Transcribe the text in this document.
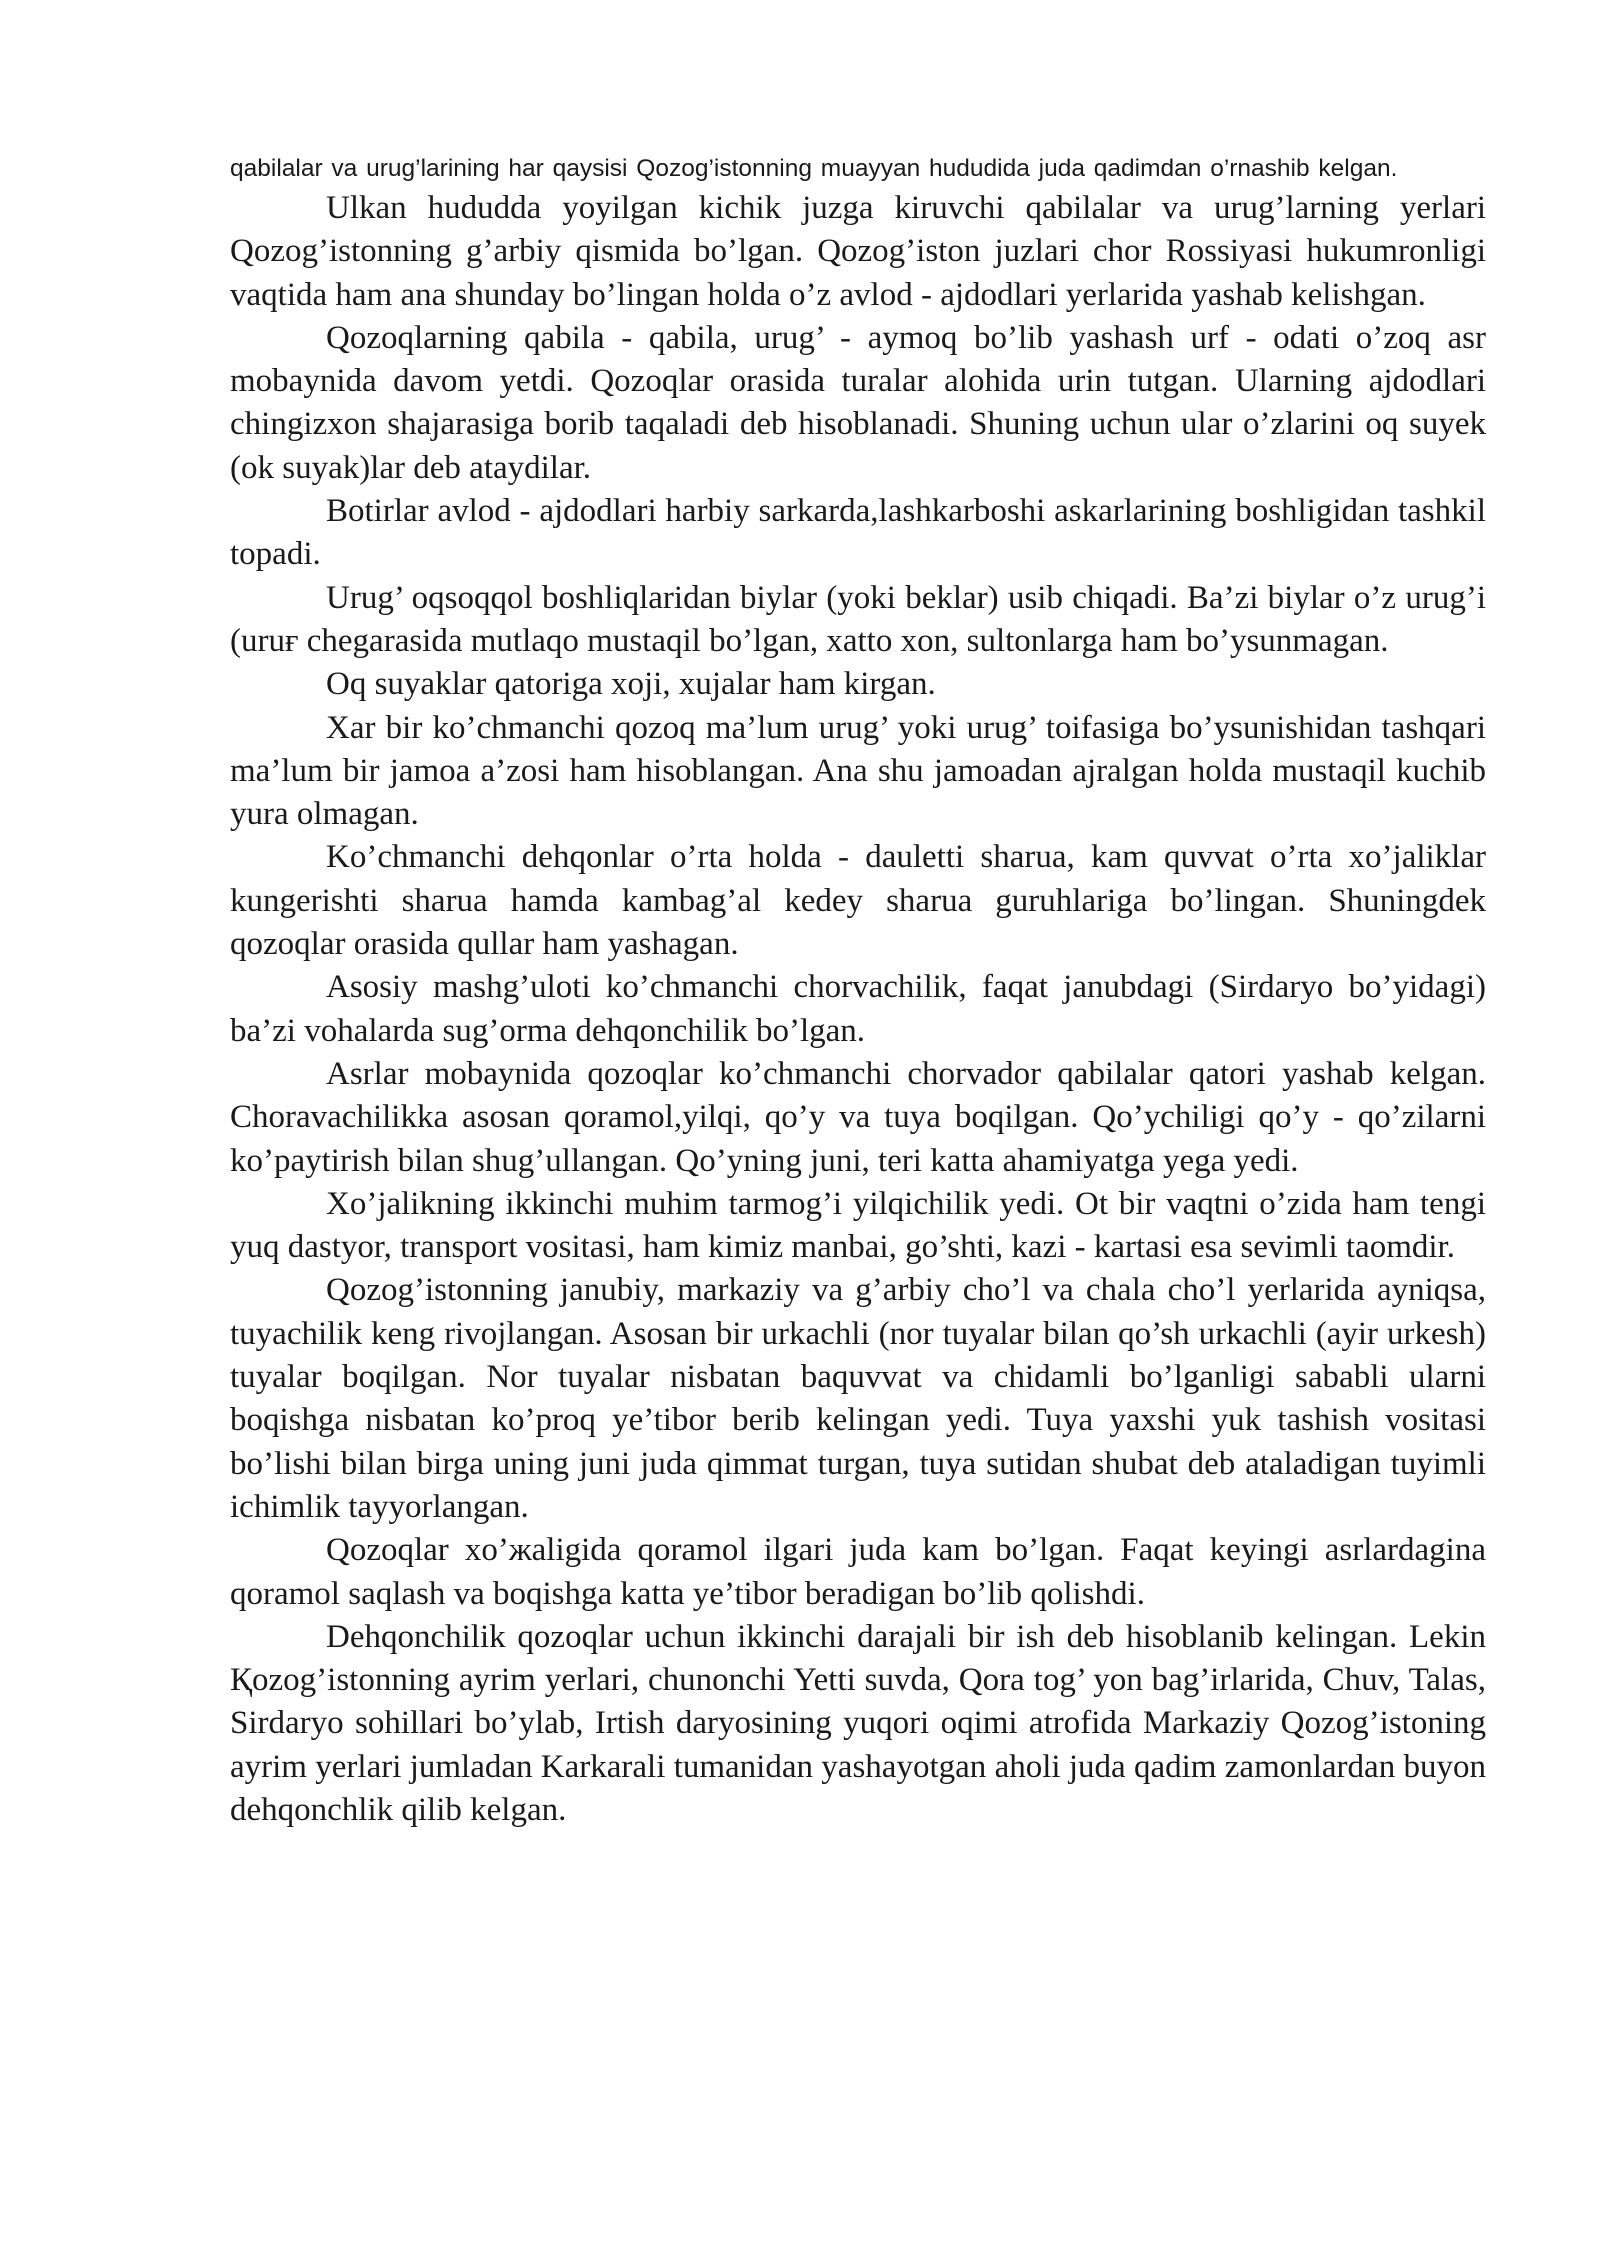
qabilalar va urug’larining har qaysisi Qozog’istonning muayyan hududida juda qadimdan o’rnashib kelgan.

Ulkan hududda yoyilgan kichik juzga kiruvchi qabilalar va urug’larning yerlari Qozog’istonning g’arbiy qismida bo’lgan. Qozog’iston juzlari chor Rossiyasi hukumronligi vaqtida ham ana shunday bo’lingan holda o’z avlod - ajdodlari yerlarida yashab kelishgan.

Qozoqlarning qabila - qabila, urug’ - aymoq bo’lib yashash urf - odati o’zoq asr mobaynida davom yetdi. Qozoqlar orasida turalar alohida urin tutgan. Ularning ajdodlari chingizxon shajarasiga borib taqaladi deb hisoblanadi. Shuning uchun ular o’zlarini oq suyek (ok suyak)lar deb ataydilar.

Botirlar avlod - ajdodlari harbiy sarkarda,lashkarboshi askarlarining boshligidan tashkil topadi.

Urug’ oqsoqqol boshliqlaridan biylar (yoki beklar) usib chiqadi. Ba’zi biylar o’z urug’i (uruғ chegarasida mutlaqo mustaqil bo’lgan, xatto xon, sultonlarga ham bo’ysunmagan.

Oq suyaklar qatoriga xoji, xujalar ham kirgan.

Xar bir ko’chmanchi qozoq ma’lum urug’ yoki urug’ toifasiga bo’ysunishidan tashqari ma’lum bir jamoa a’zosi ham hisoblangan. Ana shu jamoadan ajralgan holda mustaqil kuchib yura olmagan.

Ko’chmanchi dehqonlar o’rta holda - dauletti sharua, kam quvvat o’rta xo’jaliklar kungerishti sharua hamda kambag’al kedey sharua guruhlariga bo’lingan. Shuningdek qozoqlar orasida qullar ham yashagan.

Asosiy mashg’uloti ko’chmanchi chorvachilik, faqat janubdagi (Sirdaryo bo’yidagi) ba’zi vohalarda sug’orma dehqonchilik bo’lgan.

Asrlar mobaynida qozoqlar ko’chmanchi chorvador qabilalar qatori yashab kelgan. Choravachilikka asosan qoramol,yilqi, qo’y va tuya boqilgan. Qo’ychiligi qo’y - qo’zilarni ko’paytirish bilan shug’ullangan. Qo’yning juni, teri katta ahamiyatga yega yedi.

Xo’jalikning ikkinchi muhim tarmog’i yilqichilik yedi. Ot bir vaqtni o’zida ham tengi yuq dastyor, transport vositasi, ham kimiz manbai, go’shti, kazi - kartasi esa sevimli taomdir.

Qozog’istonning janubiy, markaziy va g’arbiy cho’l va chala cho’l yerlarida ayniqsa, tuyachilik keng rivojlangan. Asosan bir urkachli (nor tuyalar bilan qo’sh urkachli (ayir urkesh) tuyalar boqilgan. Nor tuyalar nisbatan baquvvat va chidamli bo’lganligi sababli ularni boqishga nisbatan ko’proq ye’tibor berib kelingan yedi. Tuya yaxshi yuk tashish vositasi bo’lishi bilan birga uning juni juda qimmat turgan, tuya sutidan shubat deb ataladigan tuyimli ichimlik tayyorlangan.

Qozoqlar xo’жaligida qoramol ilgari juda kam bo’lgan. Faqat keyingi asrlardagina qoramol saqlash va boqishga katta ye’tibor beradigan bo’lib qolishdi.

Dehqonchilik qozoqlar uchun ikkinchi darajali bir ish deb hisoblanib kelingan. Lekin Қozog’istonning ayrim yerlari, chunonchi Yetti suvda, Qora tog’ yon bag’irlarida, Chuv, Talas, Sirdaryo sohillari bo’ylab, Irtish daryosining yuqori oqimi atrofida Markaziy Qozog’istoning ayrim yerlari jumladan Karkarali tumanidan yashayotgan aholi juda qadim zamonlardan buyon dehqonchlik qilib kelgan.
